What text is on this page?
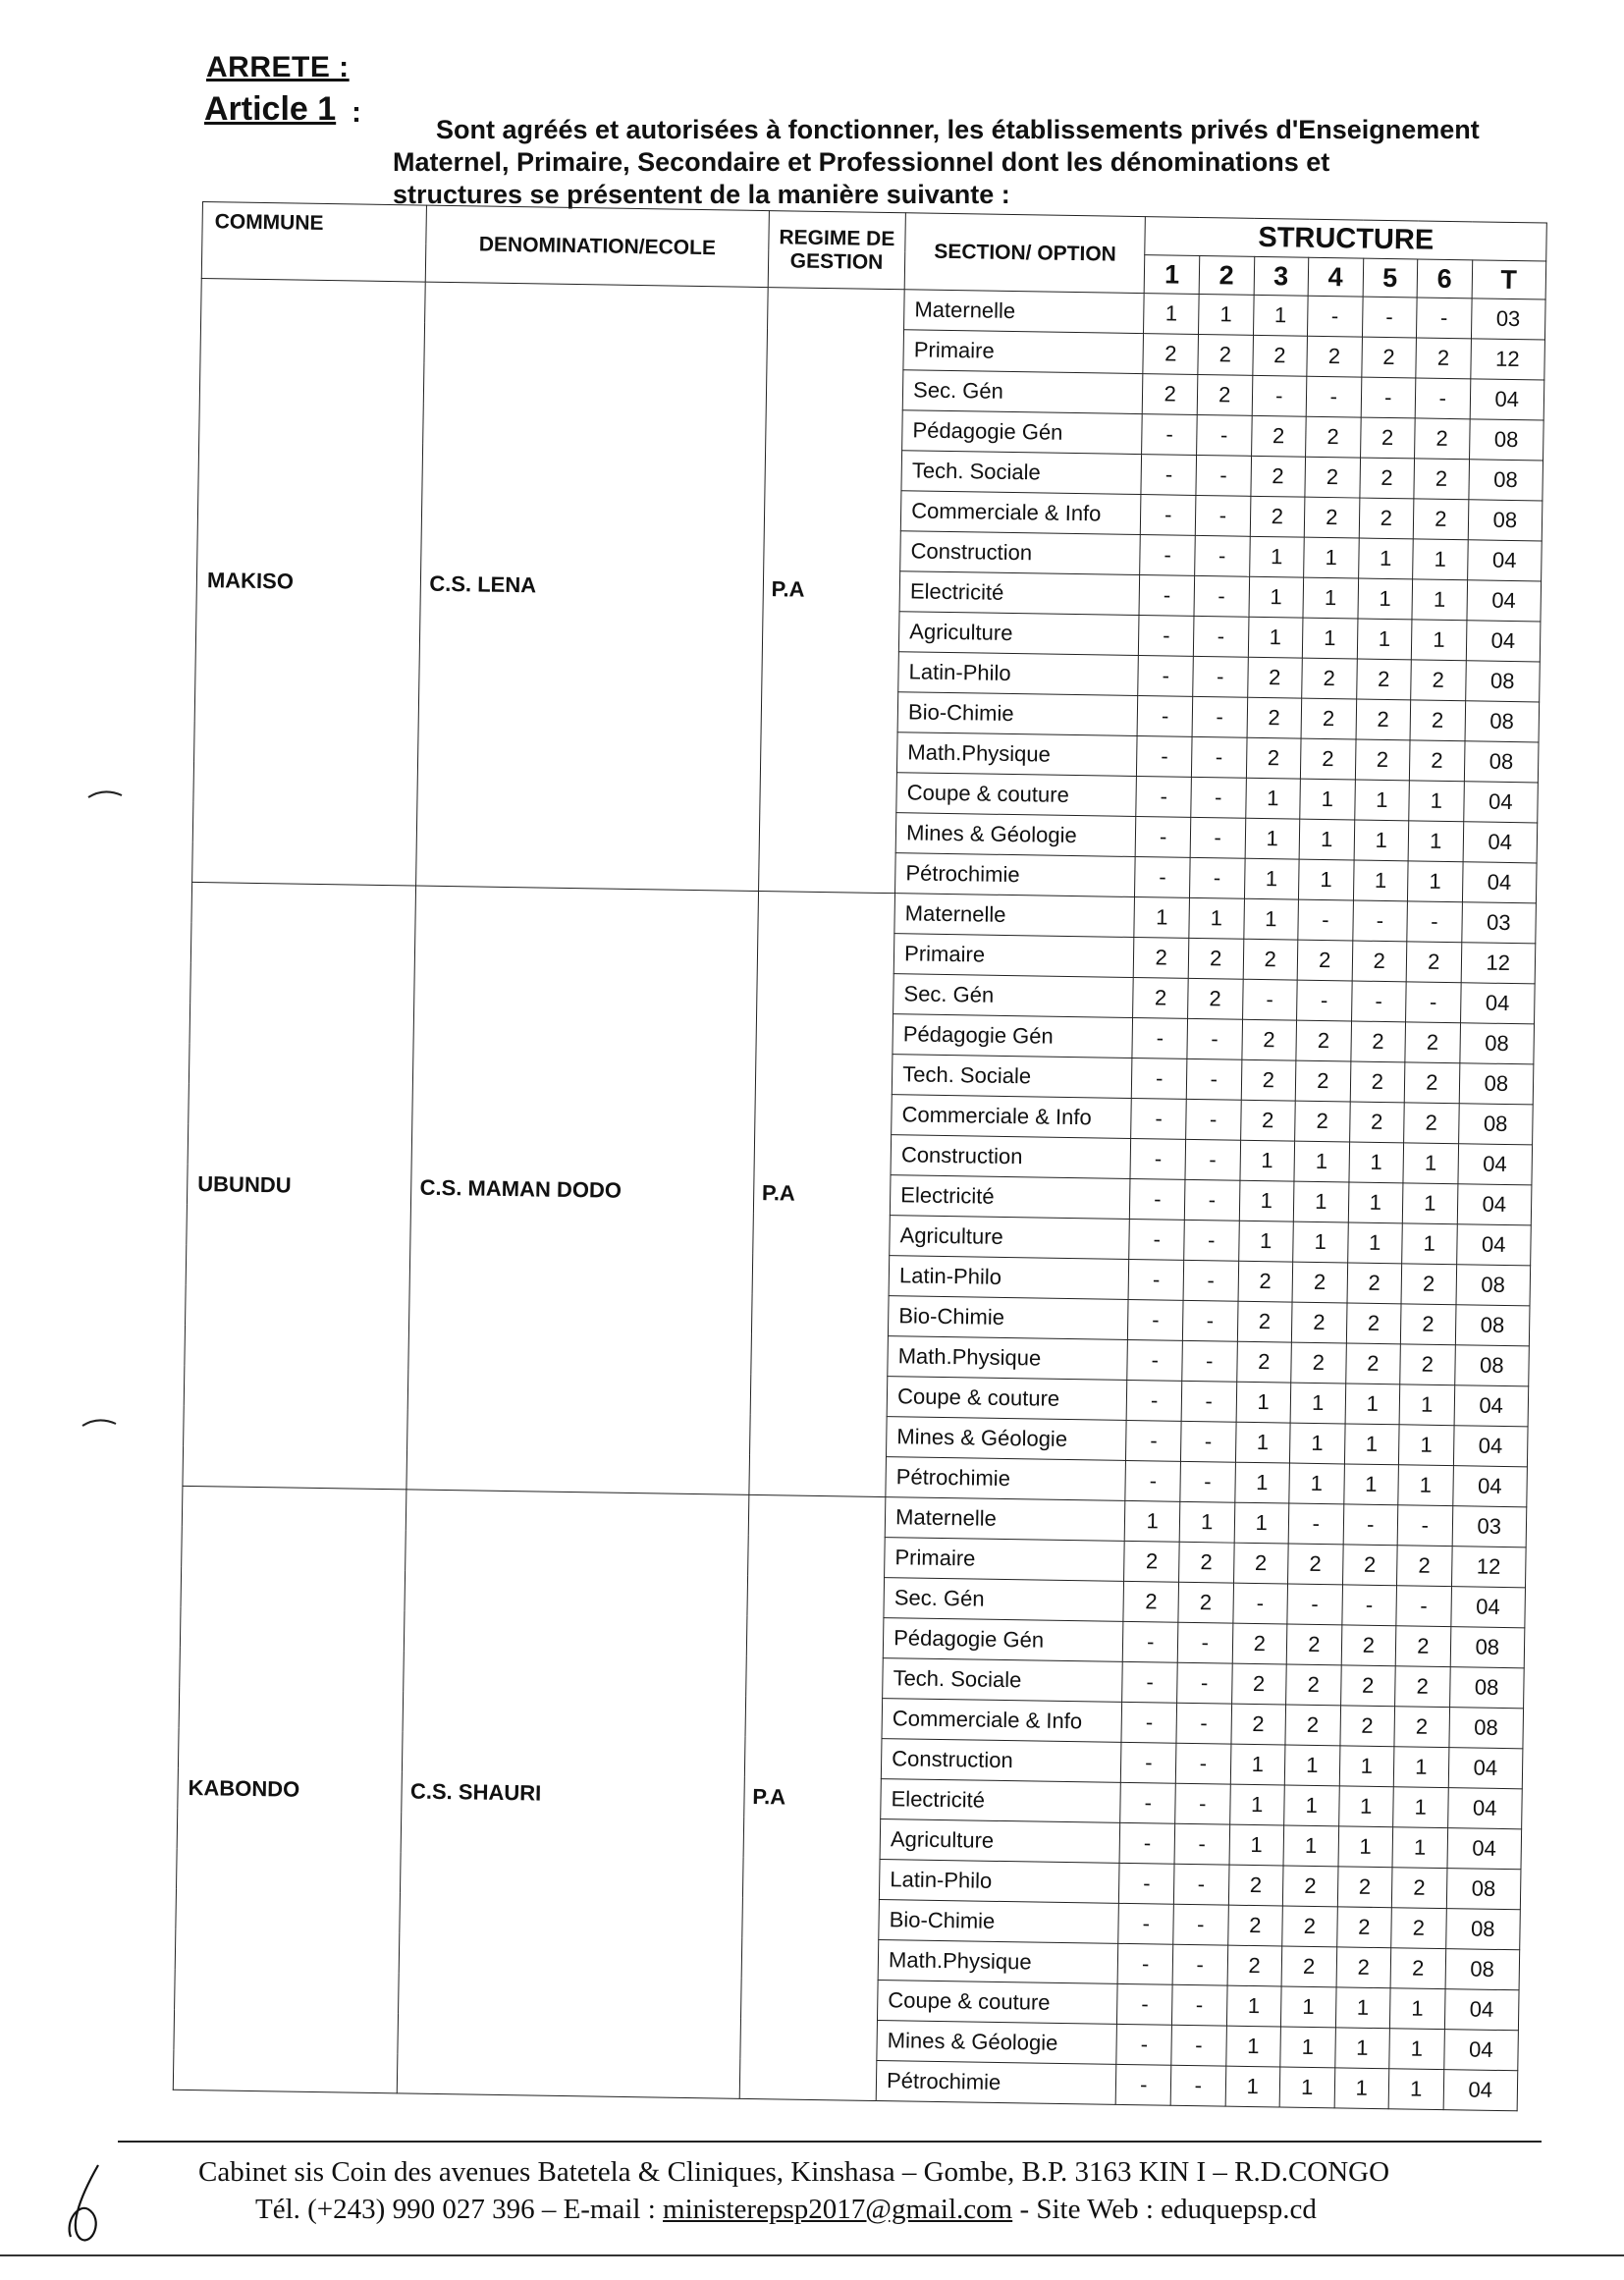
ARRETE :
Article 1 :
Sont agréés et autorisées à fonctionner, les établissements privés d'Enseignement
Maternel, Primaire, Secondaire et Professionnel dont les dénominations et
structures se présentent de la manière suivante :
COMMUNE	DENOMINATION/ECOLE	REGIME DE GESTION	SECTION/ OPTION	STRUCTURE						
				1	2	3	4	5	6	T
MAKISO	C.S. LENA	P.A	Maternelle	1	1	1	-	-	-	03
			Primaire	2	2	2	2	2	2	12
			Sec. Gén	2	2	-	-	-	-	04
			Pédagogie Gén	-	-	2	2	2	2	08
			Tech. Sociale	-	-	2	2	2	2	08
			Commerciale & Info	-	-	2	2	2	2	08
			Construction	-	-	1	1	1	1	04
			Electricité	-	-	1	1	1	1	04
			Agriculture	-	-	1	1	1	1	04
			Latin-Philo	-	-	2	2	2	2	08
			Bio-Chimie	-	-	2	2	2	2	08
			Math.Physique	-	-	2	2	2	2	08
			Coupe & couture	-	-	1	1	1	1	04
			Mines & Géologie	-	-	1	1	1	1	04
			Pétrochimie	-	-	1	1	1	1	04
UBUNDU	C.S. MAMAN DODO	P.A	Maternelle	1	1	1	-	-	-	03
			Primaire	2	2	2	2	2	2	12
			Sec. Gén	2	2	-	-	-	-	04
			Pédagogie Gén	-	-	2	2	2	2	08
			Tech. Sociale	-	-	2	2	2	2	08
			Commerciale & Info	-	-	2	2	2	2	08
			Construction	-	-	1	1	1	1	04
			Electricité	-	-	1	1	1	1	04
			Agriculture	-	-	1	1	1	1	04
			Latin-Philo	-	-	2	2	2	2	08
			Bio-Chimie	-	-	2	2	2	2	08
			Math.Physique	-	-	2	2	2	2	08
			Coupe & couture	-	-	1	1	1	1	04
			Mines & Géologie	-	-	1	1	1	1	04
			Pétrochimie	-	-	1	1	1	1	04
KABONDO	C.S. SHAURI	P.A	Maternelle	1	1	1	-	-	-	03
			Primaire	2	2	2	2	2	2	12
			Sec. Gén	2	2	-	-	-	-	04
			Pédagogie Gén	-	-	2	2	2	2	08
			Tech. Sociale	-	-	2	2	2	2	08
			Commerciale & Info	-	-	2	2	2	2	08
			Construction	-	-	1	1	1	1	04
			Electricité	-	-	1	1	1	1	04
			Agriculture	-	-	1	1	1	1	04
			Latin-Philo	-	-	2	2	2	2	08
			Bio-Chimie	-	-	2	2	2	2	08
			Math.Physique	-	-	2	2	2	2	08
			Coupe & couture	-	-	1	1	1	1	04
			Mines & Géologie	-	-	1	1	1	1	04
			Pétrochimie	-	-	1	1	1	1	04
Cabinet sis Coin des avenues Batetela & Cliniques, Kinshasa – Gombe, B.P. 3163 KIN I – R.D.CONGO
Tél. (+243) 990 027 396 – E-mail : ministerepsp2017@gmail.com - Site Web : eduquepsp.cd
